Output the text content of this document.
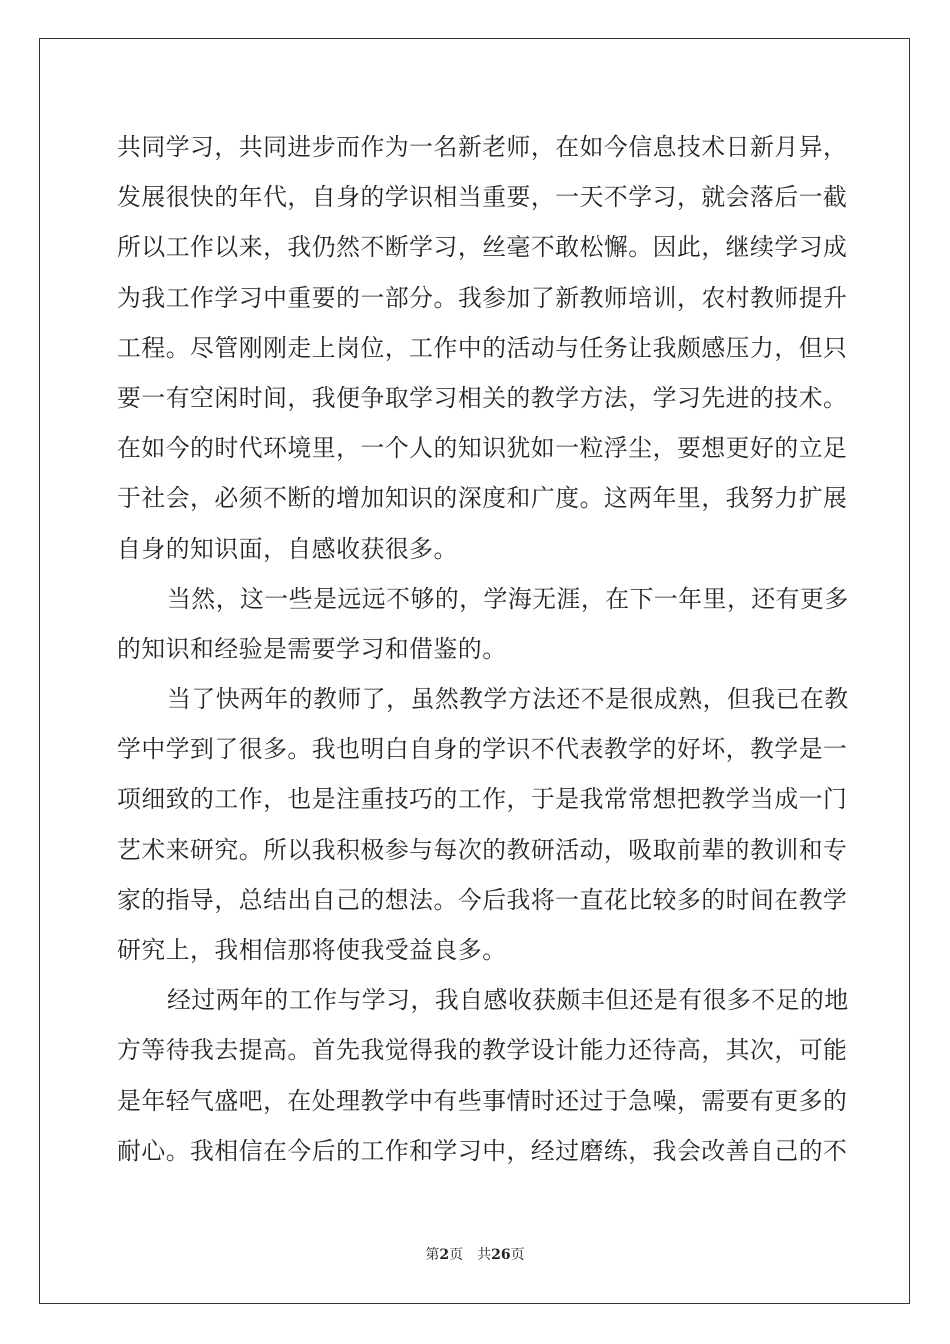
共同学习，共同进步而作为一名新老师，在如今信息技术日新月异，
发展很快的年代，自身的学识相当重要，一天不学习，就会落后一截
所以工作以来，我仍然不断学习，丝毫不敢松懈。因此，继续学习成
为我工作学习中重要的一部分。我参加了新教师培训，农村教师提升
工程。尽管刚刚走上岗位，工作中的活动与任务让我颇感压力，但只
要一有空闲时间，我便争取学习相关的教学方法，学习先进的技术。
在如今的时代环境里，一个人的知识犹如一粒浮尘，要想更好的立足
于社会，必须不断的增加知识的深度和广度。这两年里，我努力扩展
自身的知识面，自感收获很多。
当然，这一些是远远不够的，学海无涯，在下一年里，还有更多
的知识和经验是需要学习和借鉴的。
当了快两年的教师了，虽然教学方法还不是很成熟，但我已在教
学中学到了很多。我也明白自身的学识不代表教学的好坏，教学是一
项细致的工作，也是注重技巧的工作，于是我常常想把教学当成一门
艺术来研究。所以我积极参与每次的教研活动，吸取前辈的教训和专
家的指导，总结出自己的想法。今后我将一直花比较多的时间在教学
研究上，我相信那将使我受益良多。
经过两年的工作与学习，我自感收获颇丰但还是有很多不足的地
方等待我去提高。首先我觉得我的教学设计能力还待高，其次，可能
是年轻气盛吧，在处理教学中有些事情时还过于急噪，需要有更多的
耐心。我相信在今后的工作和学习中，经过磨练，我会改善自己的不
第2页 共26页
